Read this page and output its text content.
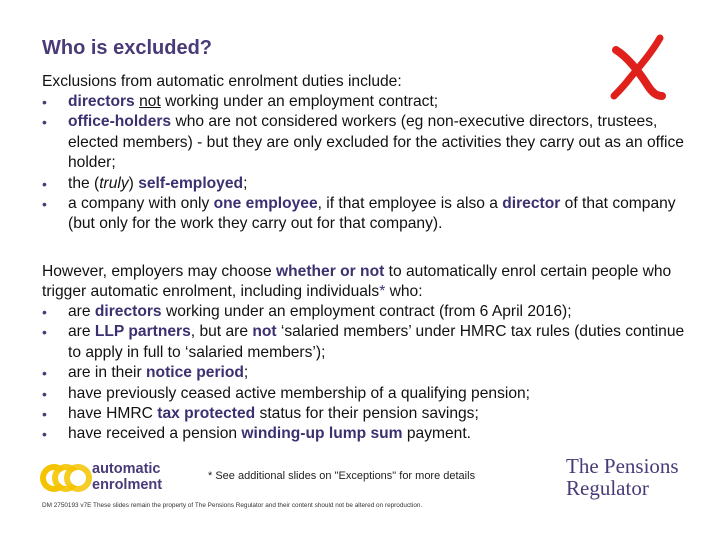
Who is excluded?
Exclusions from automatic enrolment duties include:
• directors not working under an employment contract;
• office-holders who are not considered workers (eg non-executive directors, trustees, elected members) - but they are only excluded for the activities they carry out as an office holder;
• the (truly) self-employed;
• a company with only one employee, if that employee is also a director of that company (but only for the work they carry out for that company).
However, employers may choose whether or not to automatically enrol certain people who trigger automatic enrolment, including individuals* who:
• are directors working under an employment contract (from 6 April 2016);
• are LLP partners, but are not ‘salaried members’ under HMRC tax rules (duties continue to apply in full to ‘salaried members’);
• are in their notice period;
• have previously ceased active membership of a qualifying pension;
• have HMRC tax protected status for their pension savings;
• have received a pension winding-up lump sum payment.
automatic
enrolment
* See additional slides on "Exceptions" for more details	The Pensions
Regulator
DM 2750193 v7E These slides remain the property of The Pensions Regulator and their content should not be altered on reproduction.
